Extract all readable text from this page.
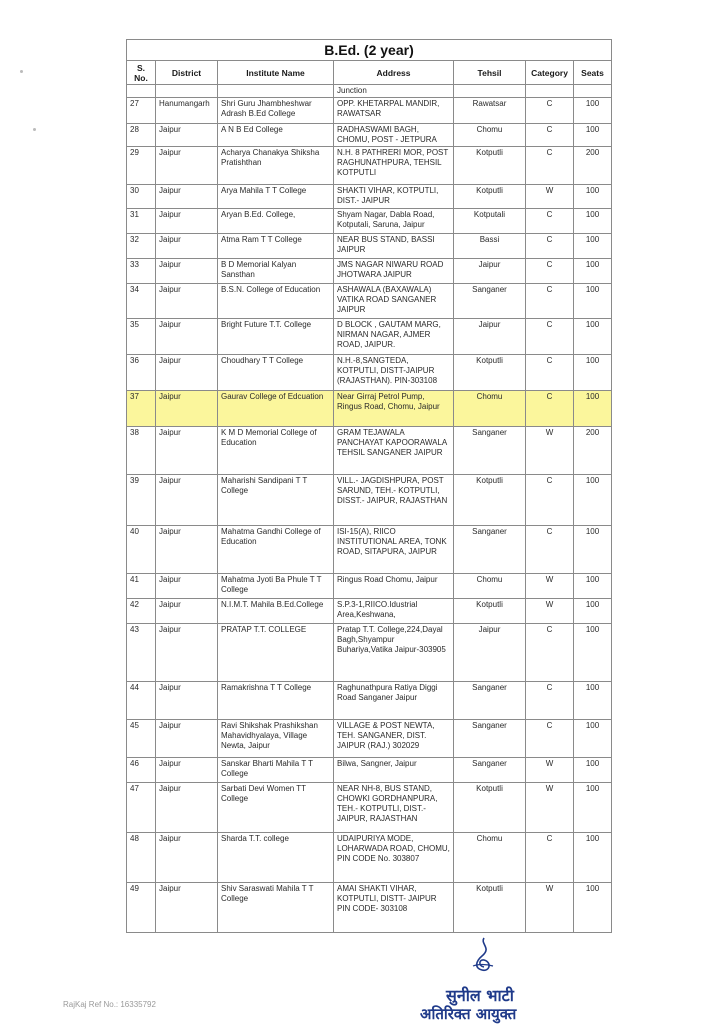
B.Ed. (2 year)						
S. No.	District	Institute Name	Address	Tehsil	Category	Seats
			Junction			
27	Hanumangarh	Shri Guru Jhambheshwar Adrash B.Ed College	OPP. KHETARPAL MANDIR, RAWATSAR	Rawatsar	C	100
28	Jaipur	A N B Ed College	RADHASWAMI BAGH, CHOMU, POST - JETPURA	Chomu	C	100
29	Jaipur	Acharya Chanakya Shiksha Pratishthan	N.H. 8 PATHRERI MOR, POST RAGHUNATHPURA, TEHSIL KOTPUTLI	Kotputli	C	200
30	Jaipur	Arya Mahila T T College	SHAKTI VIHAR, KOTPUTLI, DIST.- JAIPUR	Kotputli	W	100
31	Jaipur	Aryan B.Ed. College,	Shyam Nagar, Dabla Road, Kotputali, Saruna, Jaipur	Kotputali	C	100
32	Jaipur	Atma Ram T T College	NEAR BUS STAND, BASSI JAIPUR	Bassi	C	100
33	Jaipur	B D Memorial Kalyan Sansthan	JMS NAGAR NIWARU ROAD JHOTWARA JAIPUR	Jaipur	C	100
34	Jaipur	B.S.N. College of Education	ASHAWALA (BAXAWALA) VATIKA ROAD SANGANER JAIPUR	Sanganer	C	100
35	Jaipur	Bright Future T.T. College	D BLOCK , GAUTAM MARG, NIRMAN NAGAR, AJMER ROAD, JAIPUR.	Jaipur	C	100
36	Jaipur	Choudhary T T College	N.H.-8,SANGTEDA, KOTPUTLI, DISTT-JAIPUR (RAJASTHAN). PIN-303108	Kotputli	C	100
37	Jaipur	Gaurav College of Edcuation	Near Girraj Petrol Pump, Ringus Road, Chomu, Jaipur	Chomu	C	100
38	Jaipur	K M D Memorial College of Education	GRAM TEJAWALA PANCHAYAT KAPOORAWALA TEHSIL SANGANER JAIPUR	Sanganer	W	200
39	Jaipur	Maharishi Sandipani T T College	VILL.- JAGDISHPURA, POST SARUND, TEH.- KOTPUTLI, DISST.- JAIPUR, RAJASTHAN	Kotputli	C	100
40	Jaipur	Mahatma Gandhi College of Education	ISI-15(A), RIICO INSTITUTIONAL AREA, TONK ROAD, SITAPURA, JAIPUR	Sanganer	C	100
41	Jaipur	Mahatma Jyoti Ba Phule T T College	Ringus Road Chomu, Jaipur	Chomu	W	100
42	Jaipur	N.I.M.T. Mahila B.Ed.College	S.P.3-1,RIICO.Idustrial Area,Keshwana,	Kotputli	W	100
43	Jaipur	PRATAP T.T. COLLEGE	Pratap T.T. College,224,Dayal Bagh,Shyampur Buhariya,Vatika Jaipur-303905	Jaipur	C	100
44	Jaipur	Ramakrishna T T College	Raghunathpura Ratiya Diggi Road Sanganer Jaipur	Sanganer	C	100
45	Jaipur	Ravi Shikshak Prashikshan Mahavidhyalaya, Village Newta, Jaipur	VILLAGE & POST NEWTA, TEH. SANGANER, DIST. JAIPUR (RAJ.) 302029	Sanganer	C	100
46	Jaipur	Sanskar Bharti Mahila T T College	Bilwa, Sangner, Jaipur	Sanganer	W	100
47	Jaipur	Sarbati Devi Women TT College	NEAR NH-8, BUS STAND, CHOWKI GORDHANPURA, TEH.- KOTPUTLI, DIST.- JAIPUR, RAJASTHAN	Kotputli	W	100
48	Jaipur	Sharda T.T. college	UDAIPURIYA MODE, LOHARWADA ROAD, CHOMU, PIN CODE No. 303807	Chomu	C	100
49	Jaipur	Shiv Saraswati Mahila T T College	AMAI SHAKTI VIHAR, KOTPUTLI, DISTT- JAIPUR PIN CODE- 303108	Kotputli	W	100
सुनील भाटी
अतिरिक्त आयुक्त
RajKaj Ref No.: 16335792
